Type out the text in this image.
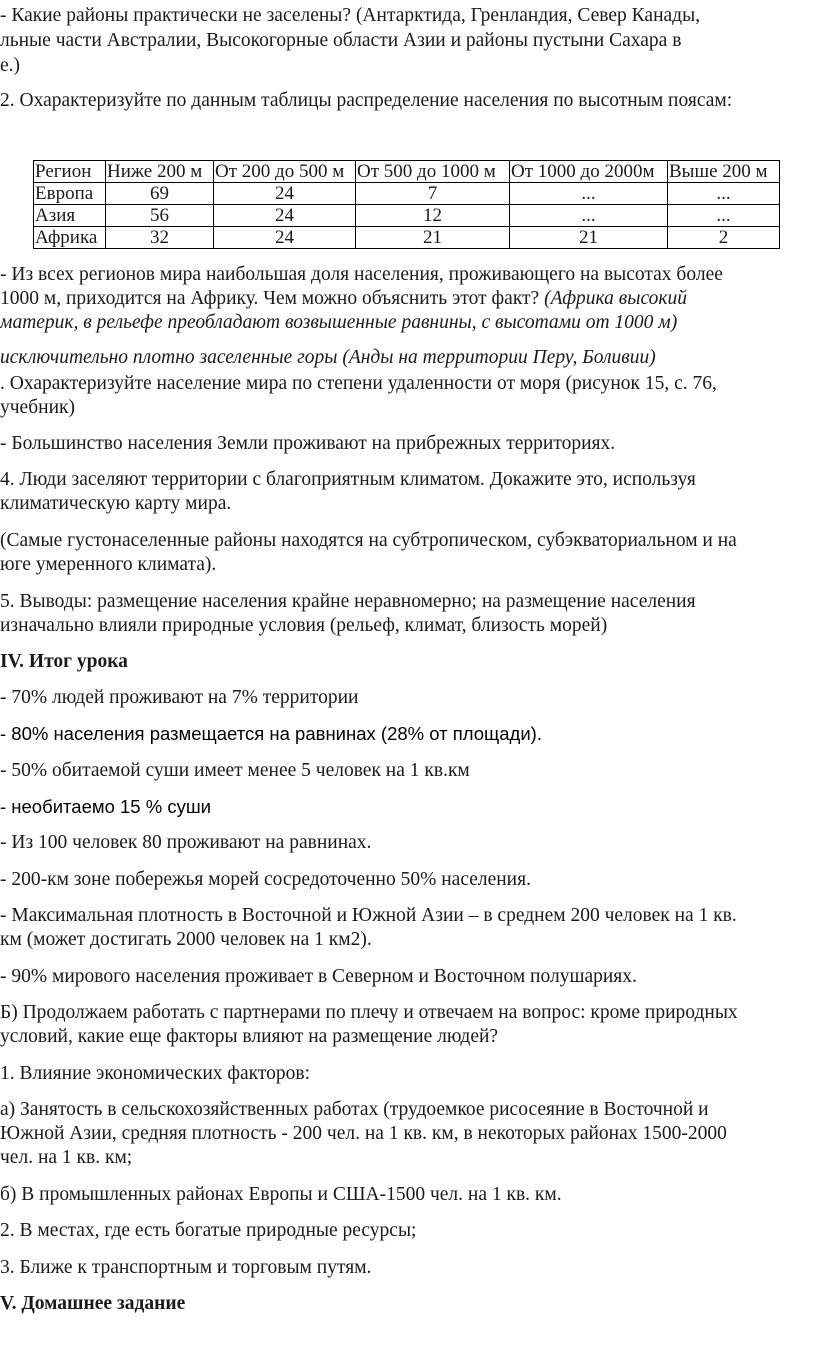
- Какие районы практически не заселены? (Антарктида, Гренландия, Север Канады,
льные части Австралии, Высокогорные области Азии и районы пустыни Сахара в
е.)
2. Охарактеризуйте по данным таблицы распределение населения по высотным поясам:
Регион	Ниже 200 м	От 200 до 500 м	От 500 до 1000 м	От 1000 до 2000м	Выше 200 м
Европа	69	24	7	...	...
Азия	56	24	12	...	...
Африка	32	24	21	21	2
- Из всех регионов мира наибольшая доля населения, проживающего на высотах более
1000 м, приходится на Африку. Чем можно объяснить этот факт? (Африка высокий
материк, в рельефе преобладают возвышенные равнины, с высотами от 1000 м)
исключительно плотно заселенные горы (Анды на территории Перу, Боливии)
. Охарактеризуйте население мира по степени удаленности от моря (рисунок 15, с. 76,
учебник)
- Большинство населения Земли проживают на прибрежных территориях.
4. Люди заселяют территории с благоприятным климатом. Докажите это, используя
климатическую карту мира.
(Самые густонаселенные районы находятся на субтропическом, субэкваториальном и на
юге умеренного климата).
5. Выводы: размещение населения крайне неравномерно; на размещение населения
изначально влияли природные условия (рельеф, климат, близость морей)
IV. Итог урока
- 70% людей проживают на 7% территории
- 80% населения размещается на равнинах (28% от площади).
- 50% обитаемой суши имеет менее 5 человек на 1 кв.км
- необитаемо 15 % суши
- Из 100 человек 80 проживают на равнинах.
- 200-км зоне побережья морей сосредоточенно 50% населения.
- Максимальная плотность в Восточной и Южной Азии – в среднем 200 человек на 1 кв.
км (может достигать 2000 человек на 1 км2).
- 90% мирового населения проживает в Северном и Восточном полушариях.
Б) Продолжаем работать с партнерами по плечу и отвечаем на вопрос: кроме природных
условий, какие еще факторы влияют на размещение людей?
1. Влияние экономических факторов:
а) Занятость в сельскохозяйственных работах (трудоемкое рисосеяние в Восточной и
Южной Азии, средняя плотность - 200 чел. на 1 кв. км, в некоторых районах 1500-2000
чел. на 1 кв. км;
б) В промышленных районах Европы и США-1500 чел. на 1 кв. км.
2. В местах, где есть богатые природные ресурсы;
3. Ближе к транспортным и торговым путям.
V. Домашнее задание
